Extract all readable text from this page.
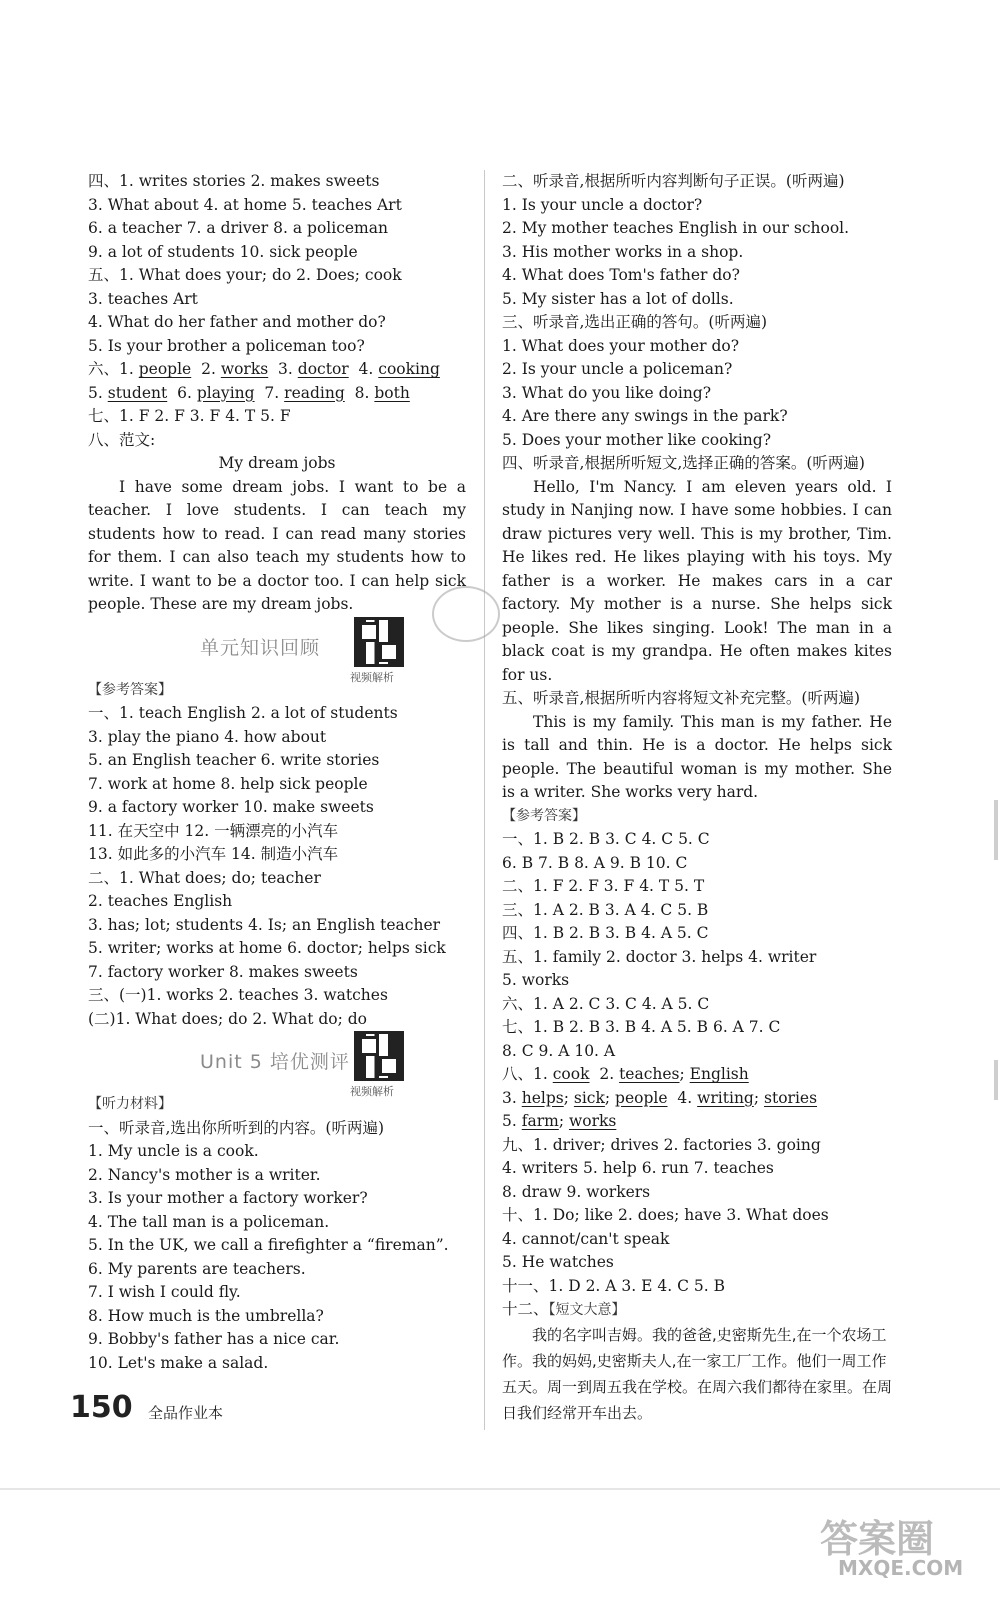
四、1. writes stories 2. makes sweets
3. What about 4. at home 5. teaches Art
6. a teacher 7. a driver 8. a policeman
9. a lot of students 10. sick people
五、1. What does your; do 2. Does; cook
3. teaches Art
4. What do her father and mother do?
5. Is your brother a policeman too?
六、1. people 2. works 3. doctor 4. cooking
5. student 6. playing 7. reading 8. both
七、1. F 2. F 3. F 4. T 5. F
八、范文:
My dream jobs
I have some dream jobs. I want to be a teacher. I love students. I can teach my students how to read. I can read many stories for them. I can also teach my students how to write. I want to be a doctor too. I can help sick people. These are my dream jobs.
单元知识回顾
视频解析
【参考答案】
一、1. teach English 2. a lot of students
3. play the piano 4. how about
5. an English teacher 6. write stories
7. work at home 8. help sick people
9. a factory worker 10. make sweets
11. 在天空中 12. 一辆漂亮的小汽车
13. 如此多的小汽车 14. 制造小汽车
二、1. What does; do; teacher
2. teaches English
3. has; lot; students 4. Is; an English teacher
5. writer; works at home 6. doctor; helps sick
7. factory worker 8. makes sweets
三、(一)1. works 2. teaches 3. watches
(二)1. What does; do 2. What do; do
Unit 5 培优测评
视频解析
【听力材料】
一、听录音,选出你所听到的内容。(听两遍)
1. My uncle is a cook.
2. Nancy's mother is a writer.
3. Is your mother a factory worker?
4. The tall man is a policeman.
5. In the UK, we call a firefighter a “fireman”.
6. My parents are teachers.
7. I wish I could fly.
8. How much is the umbrella?
9. Bobby's father has a nice car.
10. Let's make a salad.
二、听录音,根据所听内容判断句子正误。(听两遍)
1. Is your uncle a doctor?
2. My mother teaches English in our school.
3. His mother works in a shop.
4. What does Tom's father do?
5. My sister has a lot of dolls.
三、听录音,选出正确的答句。(听两遍)
1. What does your mother do?
2. Is your uncle a policeman?
3. What do you like doing?
4. Are there any swings in the park?
5. Does your mother like cooking?
四、听录音,根据所听短文,选择正确的答案。(听两遍)
Hello, I'm Nancy. I am eleven years old. I study in Nanjing now. I have some hobbies. I can draw pictures very well. This is my brother, Tim. He likes red. He likes playing with his toys. My father is a worker. He makes cars in a car factory. My mother is a nurse. She helps sick people. She likes singing. Look! The man in a black coat is my grandpa. He often makes kites for us.
五、听录音,根据所听内容将短文补充完整。(听两遍)
This is my family. This man is my father. He is tall and thin. He is a doctor. He helps sick people. The beautiful woman is my mother. She is a writer. She works very hard.
【参考答案】
一、1. B 2. B 3. C 4. C 5. C
6. B 7. B 8. A 9. B 10. C
二、1. F 2. F 3. F 4. T 5. T
三、1. A 2. B 3. A 4. C 5. B
四、1. B 2. B 3. B 4. A 5. C
五、1. family 2. doctor 3. helps 4. writer
5. works
六、1. A 2. C 3. C 4. A 5. C
七、1. B 2. B 3. B 4. A 5. B 6. A 7. C
8. C 9. A 10. A
八、1. cook 2. teaches; English
3. helps; sick; people 4. writing; stories
5. farm; works
九、1. driver; drives 2. factories 3. going
4. writers 5. help 6. run 7. teaches
8. draw 9. workers
十、1. Do; like 2. does; have 3. What does
4. cannot/can't speak
5. He watches
十一、1. D 2. A 3. E 4. C 5. B
十二、【短文大意】
我的名字叫吉姆。我的爸爸,史密斯先生,在一个农场工作。我的妈妈,史密斯夫人,在一家工厂工作。他们一周工作五天。周一到周五我在学校。在周六我们都待在家里。在周日我们经常开车出去。
150 全品作业本
答案圈
MXQE.COM
